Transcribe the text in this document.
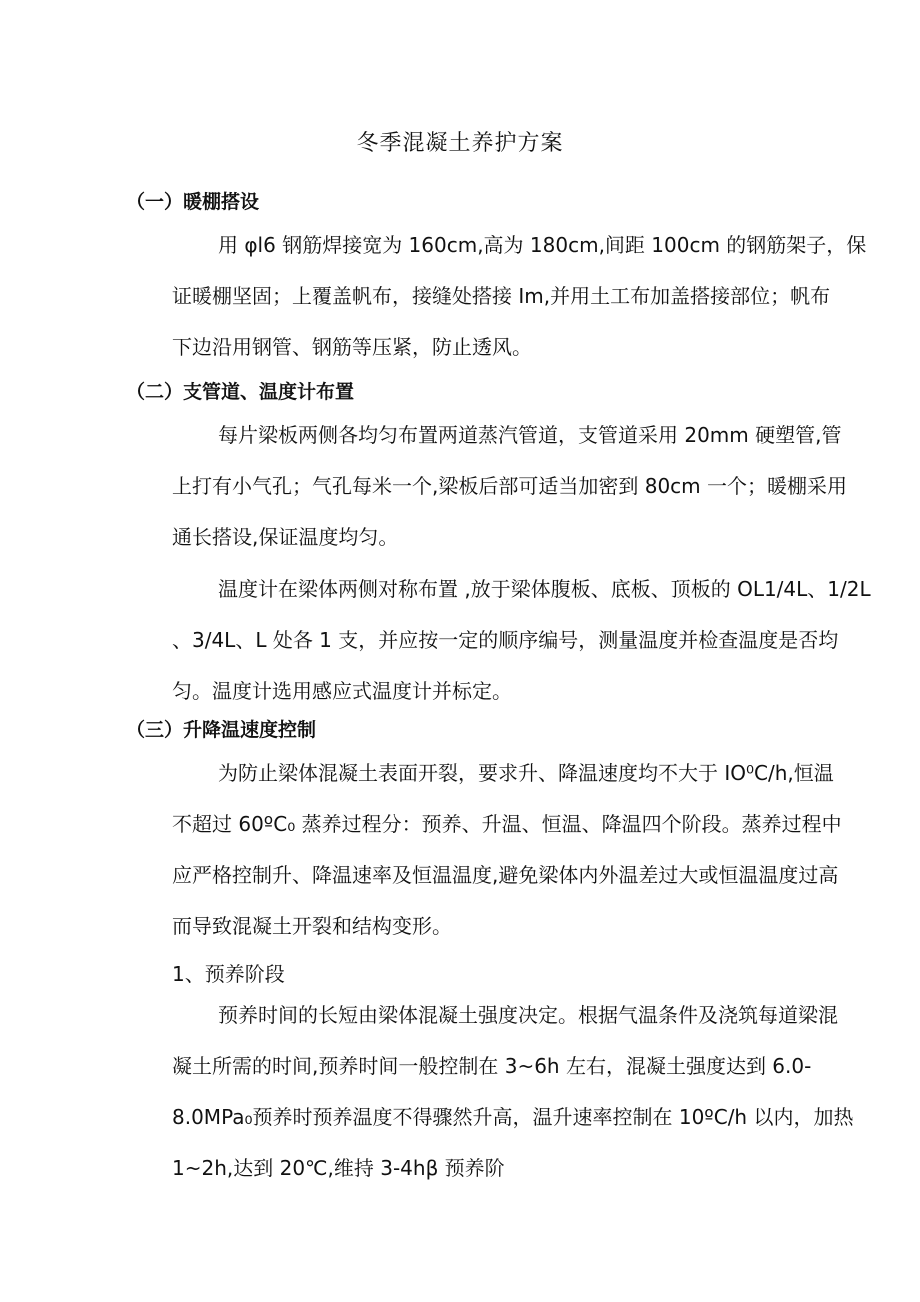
冬季混凝土养护方案
（一）暖棚搭设
用 φl6 钢筋焊接宽为 160cm,高为 180cm,间距 100cm 的钢筋架子，保
证暖棚坚固；上覆盖帆布，接缝处搭接 Im,并用土工布加盖搭接部位；帆布
下边沿用钢管、钢筋等压紧，防止透风。
（二）支管道、温度计布置
每片梁板两侧各均匀布置两道蒸汽管道，支管道采用 20mm 硬塑管,管
上打有小气孔；气孔每米一个,梁板后部可适当加密到 80cm 一个；暖棚采用
通长搭设,保证温度均匀。
温度计在梁体两侧对称布置 ,放于梁体腹板、底板、顶板的 OL1/4L、1/2L
、3/4L、L 处各 1 支，并应按一定的顺序编号，测量温度并检查温度是否均
匀。温度计选用感应式温度计并标定。
（三）升降温速度控制
为防止梁体混凝土表面开裂，要求升、降温速度均不大于 IO⁰C/h,恒温
不超过 60ºC₀ 蒸养过程分：预养、升温、恒温、降温四个阶段。蒸养过程中
应严格控制升、降温速率及恒温温度,避免梁体内外温差过大或恒温温度过高
而导致混凝土开裂和结构变形。
1、预养阶段
预养时间的长短由梁体混凝土强度决定。根据气温条件及浇筑每道梁混
凝土所需的时间,预养时间一般控制在 3~6h 左右，混凝土强度达到 6.0-
8.0MPa₀预养时预养温度不得骤然升高，温升速率控制在 10ºC/h 以内，加热
1~2h,达到 20℃,维持 3-4hβ 预养阶
